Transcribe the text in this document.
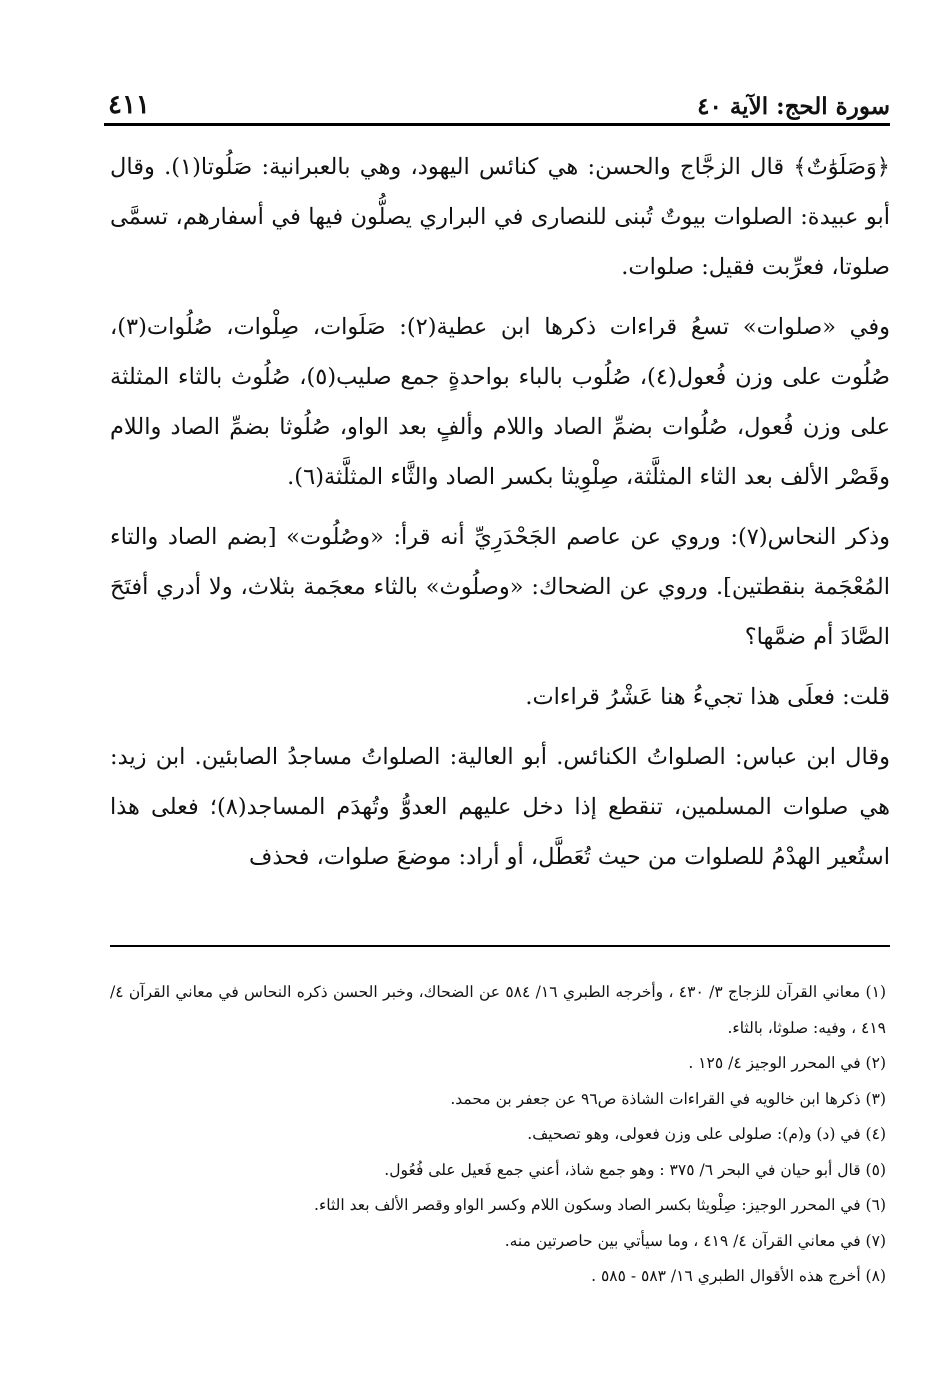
سورة الحج: الآية ٤٠
٤١١

﴿وَصَلَوَٰتٌ﴾ قال الزجَّاج والحسن: هي كنائس اليهود، وهي بالعبرانية: صَلُوتا(١). وقال أبو عبيدة: الصلوات بيوتٌ تُبنى للنصارى في البراري يصلُّون فيها في أسفارهم، تسمَّى صلوتا، فعرِّبت فقيل: صلوات.

وفي «صلوات» تسعُ قراءات ذكرها ابن عطية(٢): صَلَوات، صِلْوات، صُلُوات(٣)، صُلُوت على وزن فُعول(٤)، صُلُوب بالباء بواحدةٍ جمع صليب(٥)، صُلُوث بالثاء المثلثة على وزن فُعول، صُلُوات بضمِّ الصاد واللام وألفٍ بعد الواو، صُلُوثا بضمِّ الصاد واللام وقَصْر الألف بعد الثاء المثلَّثة، صِلْوِيثا بكسر الصاد والثَّاء المثلَّثة(٦).

وذكر النحاس(٧): وروي عن عاصم الجَحْدَرِيِّ أنه قرأ: «وصُلُوت» [بضم الصاد والتاء المُعْجَمة بنقطتين]. وروي عن الضحاك: «وصلُوث» بالثاء معجَمة بثلاث، ولا أدري أفتَحَ الصَّادَ أم ضمَّها؟

قلت: فعلَى هذا تجيءُ هنا عَشْرُ قراءات.

وقال ابن عباس: الصلواتُ الكنائس. أبو العالية: الصلواتُ مساجدُ الصابئين. ابن زيد: هي صلوات المسلمين، تنقطع إذا دخل عليهم العدوُّ وتُهدَم المساجد(٨)؛ فعلى هذا استُعير الهدْمُ للصلوات من حيث تُعَطَّل، أو أراد: موضعَ صلوات، فحذف

(١) معاني القرآن للزجاج ٣/ ٤٣٠ ، وأخرجه الطبري ١٦/ ٥٨٤ عن الضحاك، وخبر الحسن ذكره النحاس في معاني القرآن ٤/ ٤١٩ ، وفيه: صلوثا، بالثاء.

(٢) في المحرر الوجيز ٤/ ١٢٥ .

(٣) ذكرها ابن خالويه في القراءات الشاذة ص٩٦ عن جعفر بن محمد.

(٤) في (د) و(م): صلولى على وزن فعولى، وهو تصحيف.

(٥) قال أبو حيان في البحر ٦/ ٣٧٥ : وهو جمع شاذ، أعني جمع فَعيل على فُعُول.

(٦) في المحرر الوجيز: صِلْويثا بكسر الصاد وسكون اللام وكسر الواو وقصر الألف بعد الثاء.

(٧) في معاني القرآن ٤/ ٤١٩ ، وما سيأتي بين حاصرتين منه.

(٨) أخرج هذه الأقوال الطبري ١٦/ ٥٨٣ - ٥٨٥ .
